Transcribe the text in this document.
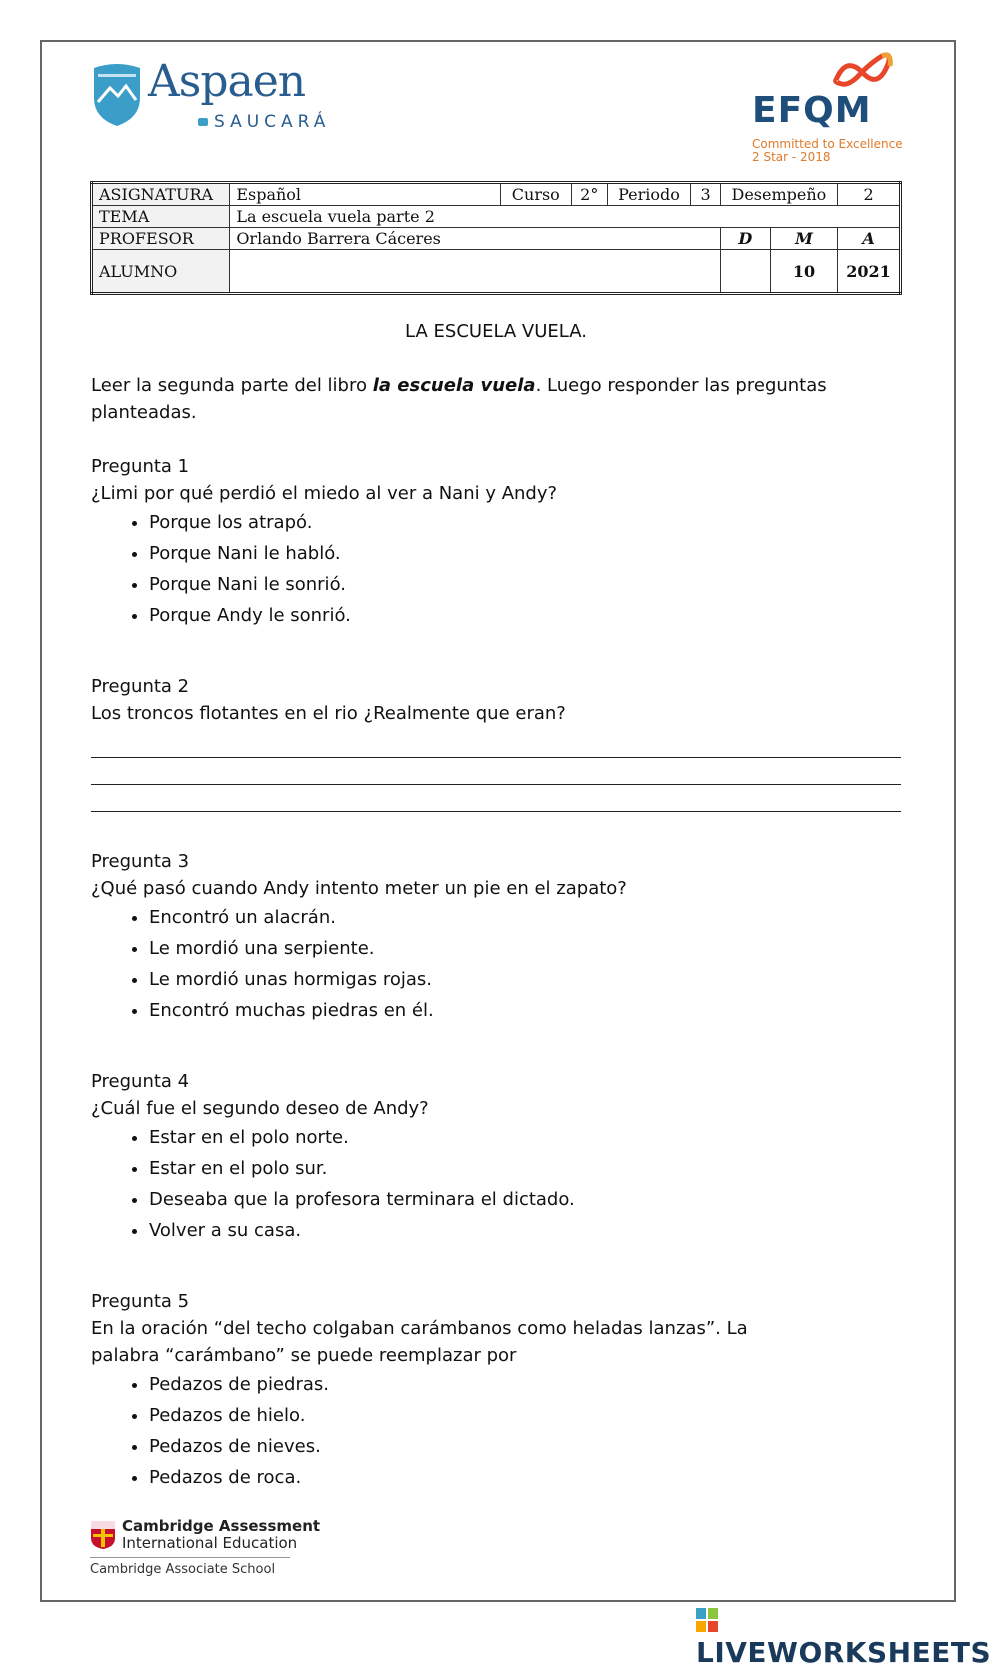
Aspaen
SAUCARÁ	EFQM
Committed to Excellence
2 Star - 2018
ASIGNATURA	Español	Curso	2°	Periodo	3	Desempeño		2
TEMA	La escuela vuela parte 2							
PROFESOR	Orlando Barrera Cáceres					D	M	A
ALUMNO							10	2021

LA ESCUELA VUELA.

Leer la segunda parte del libro la escuela vuela. Luego responder las preguntas planteadas.

Pregunta 1

¿Limi por qué perdió el miedo al ver a Nani y Andy?

• Porque los atrapó.
• Porque Nani le habló.
• Porque Nani le sonrió.
• Porque Andy le sonrió.

Pregunta 2

Los troncos flotantes en el rio ¿Realmente que eran?

Pregunta 3

¿Qué pasó cuando Andy intento meter un pie en el zapato?

• Encontró un alacrán.
• Le mordió una serpiente.
• Le mordió unas hormigas rojas.
• Encontró muchas piedras en él.

Pregunta 4

¿Cuál fue el segundo deseo de Andy?

• Estar en el polo norte.
• Estar en el polo sur.
• Deseaba que la profesora terminara el dictado.
• Volver a su casa.

Pregunta 5

En la oración “del techo colgaban carámbanos como heladas lanzas”. La palabra “carámbano” se puede reemplazar por

• Pedazos de piedras.
• Pedazos de hielo.
• Pedazos de nieves.
• Pedazos de roca.
Cambridge Assessment
International Education
Cambridge Associate School
LIVEWORKSHEETS
